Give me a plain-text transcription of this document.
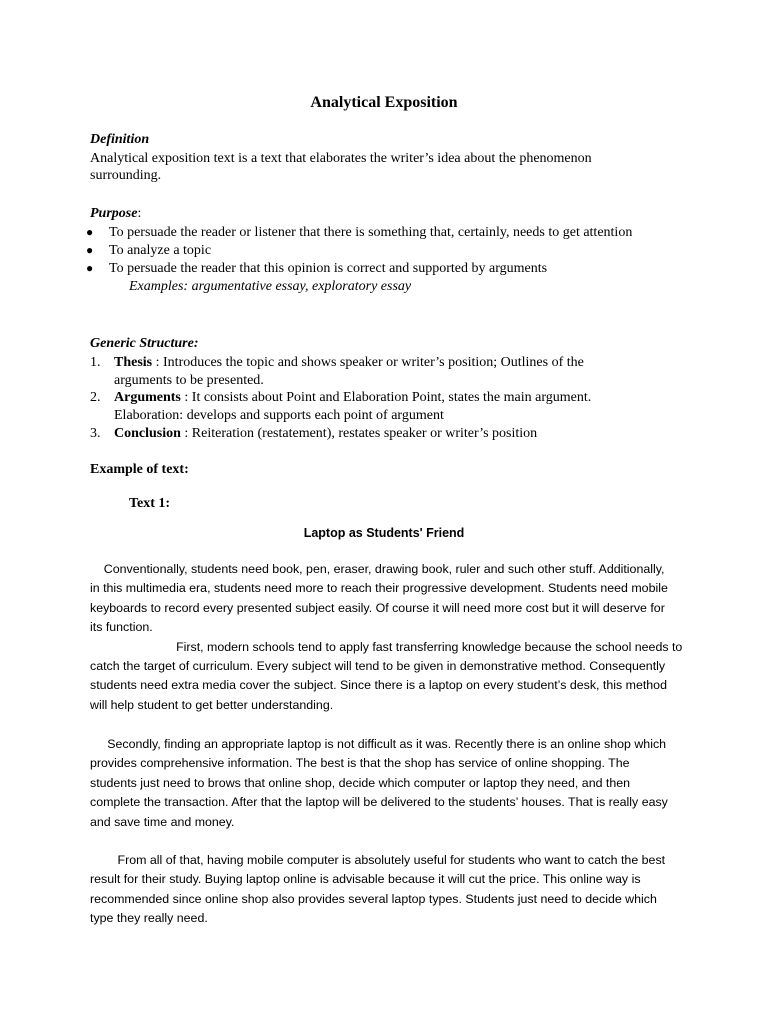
Analytical Exposition
Definition
Analytical exposition text is a text that elaborates the writer’s idea about the phenomenon
surrounding.
Purpose:
● To persuade the reader or listener that there is something that, certainly, needs to get attention
● To analyze a topic
● To persuade the reader that this opinion is correct and supported by arguments
Examples: argumentative essay, exploratory essay
Generic Structure:
1. Thesis : Introduces the topic and shows speaker or writer’s position; Outlines of the
arguments to be presented.
2. Arguments : It consists about Point and Elaboration Point, states the main argument.
Elaboration: develops and supports each point of argument
3. Conclusion : Reiteration (restatement), restates speaker or writer’s position
Example of text:
Text 1:
Laptop as Students' Friend
Conventionally, students need book, pen, eraser, drawing book, ruler and such other stuff. Additionally,
in this multimedia era, students need more to reach their progressive development. Students need mobile
keyboards to record every presented subject easily. Of course it will need more cost but it will deserve for
its function.
First, modern schools tend to apply fast transferring knowledge because the school needs to
catch the target of curriculum. Every subject will tend to be given in demonstrative method. Consequently
students need extra media cover the subject. Since there is a laptop on every student’s desk, this method
will help student to get better understanding.
Secondly, finding an appropriate laptop is not difficult as it was. Recently there is an online shop which
provides comprehensive information. The best is that the shop has service of online shopping. The
students just need to brows that online shop, decide which computer or laptop they need, and then
complete the transaction. After that the laptop will be delivered to the students’ houses. That is really easy
and save time and money.
From all of that, having mobile computer is absolutely useful for students who want to catch the best
result for their study. Buying laptop online is advisable because it will cut the price. This online way is
recommended since online shop also provides several laptop types. Students just need to decide which
type they really need.
